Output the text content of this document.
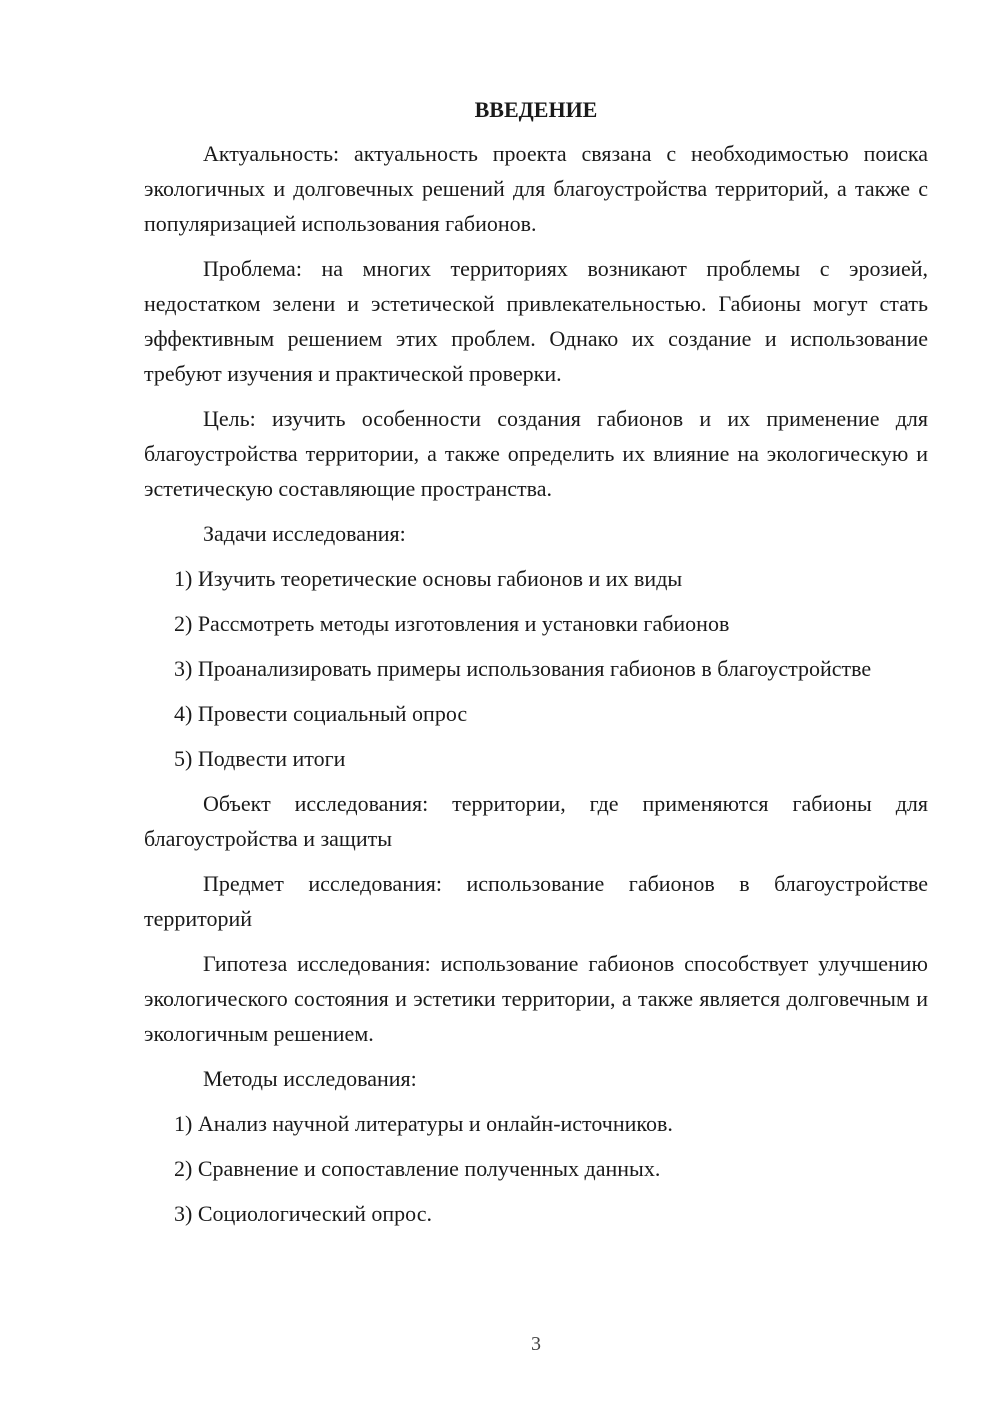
ВВЕДЕНИЕ

Актуальность: актуальность проекта связана с необходимостью поиска экологичных и долговечных решений для благоустройства территорий, а также с популяризацией использования габионов.

Проблема: на многих территориях возникают проблемы с эрозией, недостатком зелени и эстетической привлекательностью. Габионы могут стать эффективным решением этих проблем. Однако их создание и использование требуют изучения и практической проверки.

Цель: изучить особенности создания габионов и их применение для благоустройства территории, а также определить их влияние на экологическую и эстетическую составляющие пространства.

Задачи исследования:

1) Изучить теоретические основы габионов и их виды

2) Рассмотреть методы изготовления и установки габионов

3) Проанализировать примеры использования габионов в благоустройстве

4) Провести социальный опрос

5) Подвести итоги

Объект исследования: территории, где применяются габионы для благоустройства и защиты

Предмет исследования: использование габионов в благоустройстве территорий

Гипотеза исследования: использование габионов способствует улучшению экологического состояния и эстетики территории, а также является долговечным и экологичным решением.

Методы исследования:

1) Анализ научной литературы и онлайн-источников.

2) Сравнение и сопоставление полученных данных.

3) Социологический опрос.

3
